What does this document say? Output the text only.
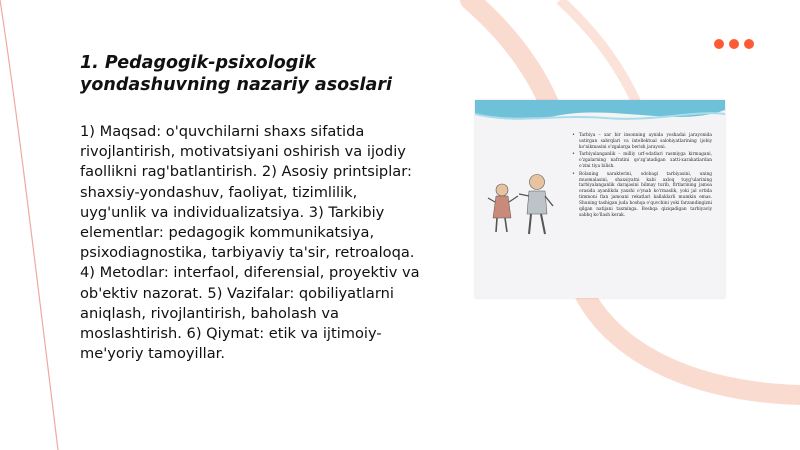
1. Pedagogik-psixologik
yondashuvning nazariy asoslari
1) Maqsad: o'quvchilarni shaxs sifatida rivojlantirish, motivatsiyani oshirish va ijodiy faollikni rag'batlantirish. 2) Asosiy printsiplar: shaxsiy-yondashuv, faoliyat, tizimlilik, uyg'unlik va individualizatsiya. 3) Tarkibiy elementlar: pedagogik kommunikatsiya, psixodiagnostika, tarbiyaviy ta'sir, retroaloqa. 4) Metodlar: interfaol, diferensial, proyektiv va ob'ektiv nazorat. 5) Vazifalar: qobiliyatlarni aniqlash, rivojlantirish, baholash va moslashtirish. 6) Qiymat: etik va ijtimoiy-me'yoriy tamoyillar.
• Tarbiya – xar bir insonning aynida yoshadai jarayonida ustirgan sabrqlari va intellektual salohiyatlarining ijobiy ko'nikmasini o'zgalarga berish jarayoni.
• Tarbiyalanganlik – milliy urf-odatlari rasmiyga kirmagani, o'zgalarning nafratini qo'zg'atadigan xatti-xarakatlardan o'zini tiya bilish.
• Bolaning xarakterini, odobagi tarbiyasini, uning muomalasini, shaxsiyatni kabi axloq tuyg'ularining tarbiyalanganlik darajasini bilmay turib, flrtlarining jamoa orasida ayanlikda yaxshi o'ynab ko'rmaslik, yoki jal ortida timmoni flan jamoani rekatlari kallaklarli mumkin emas. Shuning tashigan juda boshqa o'quvchini yoki farzandingizni qilgan natijani taxminga. Boshqa qiziqadigan tarbiyaviy sabbq ko'llash kerak.
